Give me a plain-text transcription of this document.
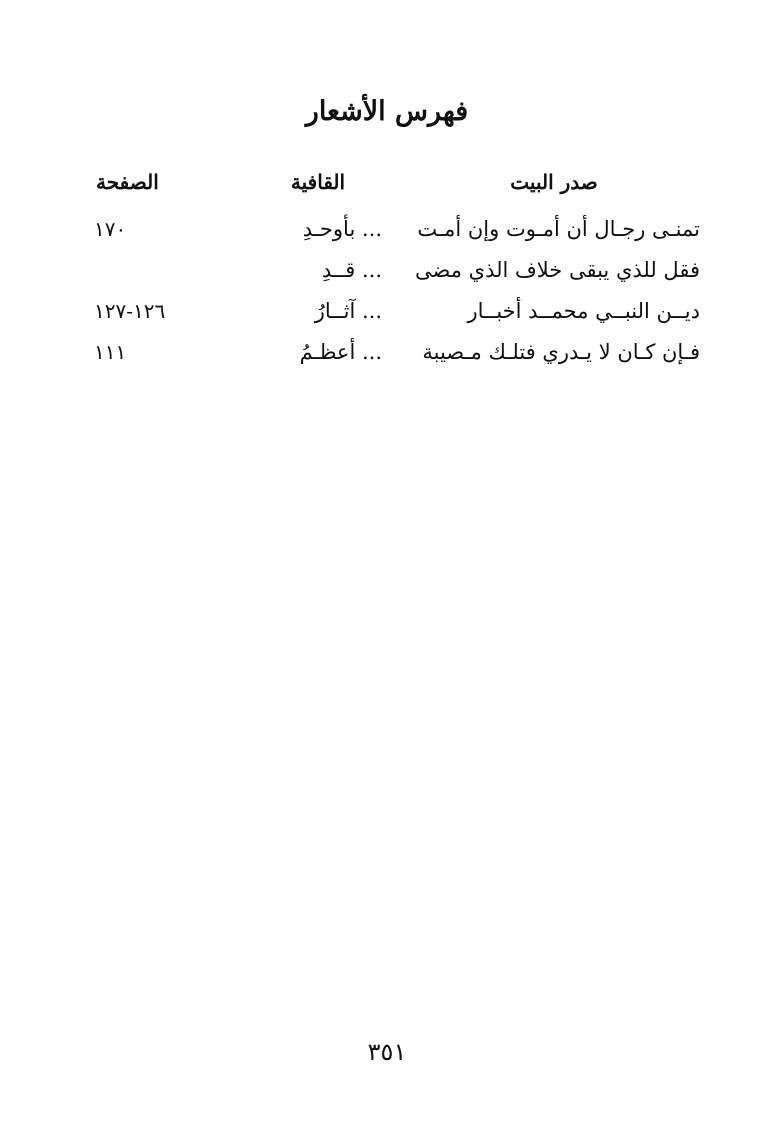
فهرس الأشعار
صدر البيت
القافية
الصفحة
تمنـى رجـال أن أمـوت وإن أمـت
... بأوحـدِ
١٧٠
فقل للذي يبقى خلاف الذي مضى
... قــدِ
ديــن النبــي محمــد أخبــار
... آثــارُ
١٢٦-١٢٧
فـإن كـان لا يـدري فتلـك مـصيبة
... أعظـمُ
١١١
٣٥١
